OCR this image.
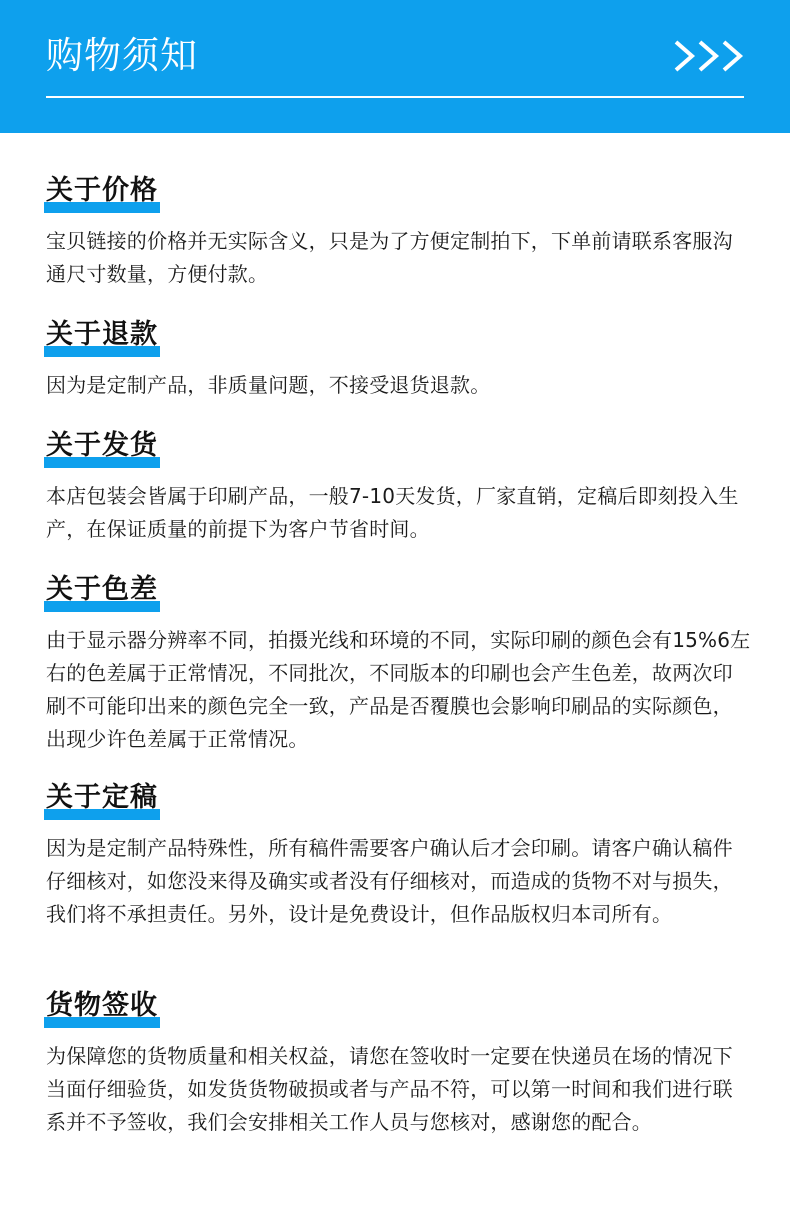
购物须知
关于价格
宝贝链接的价格并无实际含义，只是为了方便定制拍下，下单前请联系客服沟通尺寸数量，方便付款。
关于退款
因为是定制产品，非质量问题，不接受退货退款。
关于发货
本店包装会皆属于印刷产品，一般7-10天发货，厂家直销，定稿后即刻投入生产，在保证质量的前提下为客户节省时间。
关于色差
由于显示器分辨率不同，拍摄光线和环境的不同，实际印刷的颜色会有15%6左右的色差属于正常情况，不同批次，不同版本的印刷也会产生色差，故两次印刷不可能印出来的颜色完全一致，产品是否覆膜也会影响印刷品的实际颜色，出现少许色差属于正常情况。
关于定稿
因为是定制产品特殊性，所有稿件需要客户确认后才会印刷。请客户确认稿件仔细核对，如您没来得及确实或者没有仔细核对，而造成的货物不对与损失，我们将不承担责任。另外，设计是免费设计，但作品版权归本司所有。
货物签收
为保障您的货物质量和相关权益，请您在签收时一定要在快递员在场的情况下当面仔细验货，如发货货物破损或者与产品不符，可以第一时间和我们进行联系并不予签收，我们会安排相关工作人员与您核对，感谢您的配合。
